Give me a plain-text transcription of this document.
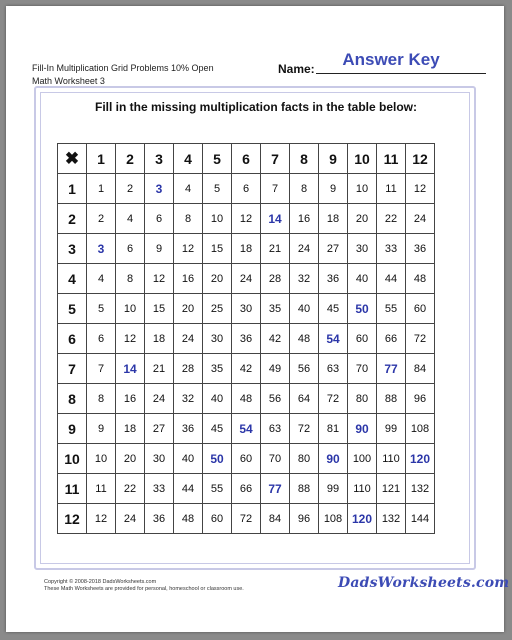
Fill-In Multiplication Grid Problems 10% Open
Math Worksheet 3
Name:	Answer Key
Fill in the missing multiplication facts in the table below:
✖	1	2	3	4	5	6	7	8	9	10	11	12
1	1	2	3	4	5	6	7	8	9	10	11	12
2	2	4	6	8	10	12	14	16	18	20	22	24
3	3	6	9	12	15	18	21	24	27	30	33	36
4	4	8	12	16	20	24	28	32	36	40	44	48
5	5	10	15	20	25	30	35	40	45	50	55	60
6	6	12	18	24	30	36	42	48	54	60	66	72
7	7	14	21	28	35	42	49	56	63	70	77	84
8	8	16	24	32	40	48	56	64	72	80	88	96
9	9	18	27	36	45	54	63	72	81	90	99	108
10	10	20	30	40	50	60	70	80	90	100	110	120
11	11	22	33	44	55	66	77	88	99	110	121	132
12	12	24	36	48	60	72	84	96	108	120	132	144
Copyright © 2008-2018 DadsWorksheets.com
These Math Worksheets are provided for personal, homeschool or classroom use.	DadsWorksheets.com
